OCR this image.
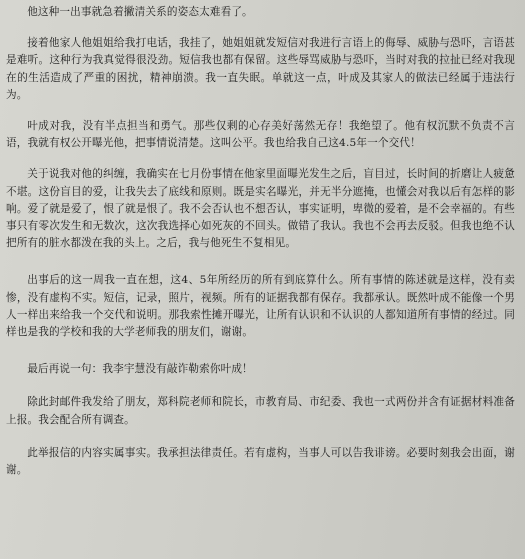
他这种一出事就急着撇清关系的姿态太难看了。

接着他家人他姐姐给我打电话，我挂了，她姐姐就发短信对我进行言语上的侮辱、威胁与恐吓，言语甚是难听。这种行为我真觉得很没劲。短信我也都有保留。这些辱骂威胁与恐吓，当时对我的拉扯已经对我现在的生活造成了严重的困扰，精神崩溃。我一直失眠。单就这一点，叶成及其家人的做法已经属于违法行为。

叶成对我，没有半点担当和勇气。那些仅剩的心存美好荡然无存！我绝望了。他有权沉默不负责不言语，我就有权公开曝光他，把事情说清楚。这叫公平。我也给我自己这4.5年一个交代！

关于说我对他的纠缠，我确实在七月份事情在他家里面曝光发生之后，盲目过，长时间的折磨让人疲惫不堪。这份盲目的爱，让我失去了底线和原则。既是实名曝光，并无半分遮掩，也懂会对我以后有怎样的影响。爱了就是爱了，恨了就是恨了。我不会否认也不想否认，事实证明，卑微的爱着，是不会幸福的。有些事只有零次发生和无数次，这次我选择心如死灰的不回头。做错了我认。我也不会再去反驳。但我也绝不认把所有的脏水都泼在我的头上。之后，我与他死生不复相见。

出事后的这一周我一直在想，这4、5年所经历的所有到底算什么。所有事情的陈述就是这样，没有卖惨，没有虚构不实。短信，记录，照片，视频。所有的证据我都有保存。我都承认。既然叶成不能像一个男人一样出来给我一个交代和说明。那我索性摊开曝光，让所有认识和不认识的人都知道所有事情的经过。同样也是我的学校和我的大学老师我的朋友们，谢谢。

最后再说一句：我李宇慧没有敲诈勒索你叶成！

除此封邮件我发给了朋友，郑科院老师和院长，市教育局、市纪委、我也一式两份并含有证据材料准备上报。我会配合所有调查。

此举报信的内容实属事实。我承担法律责任。若有虚构，当事人可以告我诽谤。必要时刻我会出面，谢谢。
